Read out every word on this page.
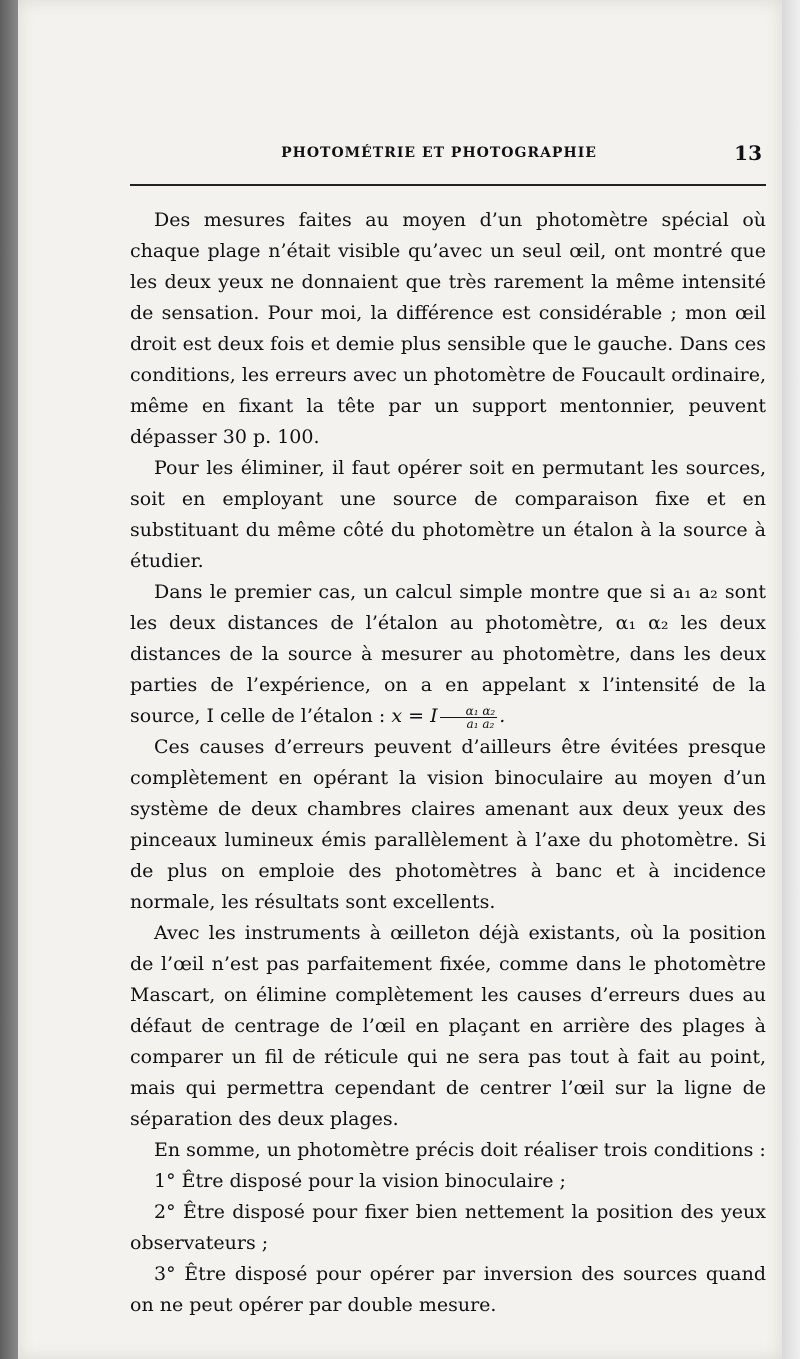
PHOTOMÉTRIE ET PHOTOGRAPHIE	13

Des mesures faites au moyen d’un photomètre spécial où chaque plage n’était visible qu’avec un seul œil, ont montré que les deux yeux ne donnaient que très rarement la même intensité de sensation. Pour moi, la différence est considérable ; mon œil droit est deux fois et demie plus sensible que le gauche. Dans ces conditions, les erreurs avec un photomètre de Foucault ordinaire, même en fixant la tête par un support mentonnier, peuvent dépasser 30 p. 100.

Pour les éliminer, il faut opérer soit en permutant les sources, soit en employant une source de comparaison fixe et en substituant du même côté du photomètre un étalon à la source à étudier.

Dans le premier cas, un calcul simple montre que si a₁ a₂ sont les deux distances de l’étalon au photomètre, α₁ α₂ les deux distances de la source à mesurer au photomètre, dans les deux parties de l’expérience, on a en appelant x l’intensité de la source, I celle de l’étalon : x = I $\frac{\text{α₁ α₂}}{\text{a₁ a₂}}$ .

Ces causes d’erreurs peuvent d’ailleurs être évitées presque complètement en opérant la vision binoculaire au moyen d’un système de deux chambres claires amenant aux deux yeux des pinceaux lumineux émis parallèlement à l’axe du photomètre. Si de plus on emploie des photomètres à banc et à incidence normale, les résultats sont excellents.

Avec les instruments à œilleton déjà existants, où la position de l’œil n’est pas parfaitement fixée, comme dans le photomètre Mascart, on élimine complètement les causes d’erreurs dues au défaut de centrage de l’œil en plaçant en arrière des plages à comparer un fil de réticule qui ne sera pas tout à fait au point, mais qui permettra cependant de centrer l’œil sur la ligne de séparation des deux plages.

En somme, un photomètre précis doit réaliser trois conditions :

1° Être disposé pour la vision binoculaire ;

2° Être disposé pour fixer bien nettement la position des yeux observateurs ;

3° Être disposé pour opérer par inversion des sources quand on ne peut opérer par double mesure.
